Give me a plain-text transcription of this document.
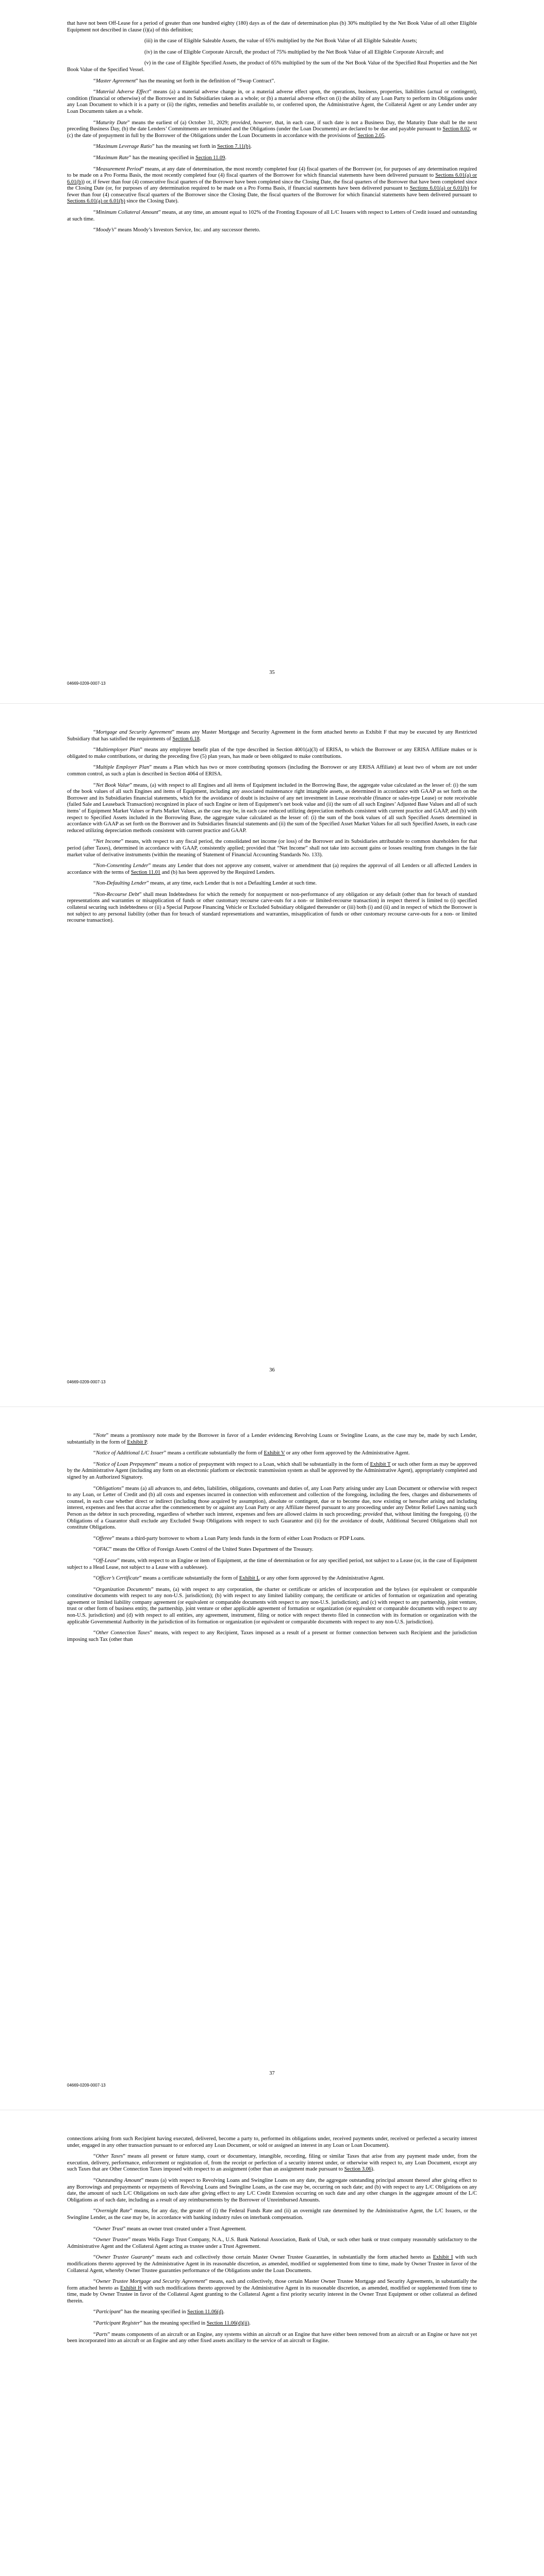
that have not been Off-Lease for a period of greater than one hundred eighty (180) days as of the date of determination plus (b) 30% multiplied by the Net Book Value of all other Eligible Equipment not described in clause (i)(a) of this definition;

(iii) in the case of Eligible Saleable Assets, the value of 65% multiplied by the Net Book Value of all Eligible Saleable Assets;

(iv) in the case of Eligible Corporate Aircraft, the product of 75% multiplied by the Net Book Value of all Eligible Corporate Aircraft; and

(v) in the case of Eligible Specified Assets, the product of 65% multiplied by the sum of the Net Book Value of the Specified Real Properties and the Net Book Value of the Specified Vessel.

“Master Agreement” has the meaning set forth in the definition of “Swap Contract”.

“Material Adverse Effect” means (a) a material adverse change in, or a material adverse effect upon, the operations, business, properties, liabilities (actual or contingent), condition (financial or otherwise) of the Borrower and its Subsidiaries taken as a whole; or (b) a material adverse effect on (i) the ability of any Loan Party to perform its Obligations under any Loan Document to which it is a party or (ii) the rights, remedies and benefits available to, or conferred upon, the Administrative Agent, the Collateral Agent or any Lender under any Loan Documents taken as a whole.

“Maturity Date” means the earliest of (a) October 31, 2029; provided, however, that, in each case, if such date is not a Business Day, the Maturity Date shall be the next preceding Business Day, (b) the date Lenders’ Commitments are terminated and the Obligations (under the Loan Documents) are declared to be due and payable pursuant to Section 8.02, or (c) the date of prepayment in full by the Borrower of the Obligations under the Loan Documents in accordance with the provisions of Section 2.05.

“Maximum Leverage Ratio” has the meaning set forth in Section 7.11(b).

“Maximum Rate” has the meaning specified in Section 11.09.

“Measurement Period” means, at any date of determination, the most recently completed four (4) fiscal quarters of the Borrower (or, for purposes of any determination required to be made on a Pro Forma Basis, the most recently completed four (4) fiscal quarters of the Borrower for which financial statements have been delivered pursuant to Sections 6.01(a) or 6.01(b)) or, if fewer than four (4) consecutive fiscal quarters of the Borrower have been completed since the Closing Date, the fiscal quarters of the Borrower that have been completed since the Closing Date (or, for purposes of any determination required to be made on a Pro Forma Basis, if financial statements have been delivered pursuant to Sections 6.01(a) or 6.01(b) for fewer than four (4) consecutive fiscal quarters of the Borrower since the Closing Date, the fiscal quarters of the Borrower for which financial statements have been delivered pursuant to Sections 6.01(a) or 6.01(b) since the Closing Date).

“Minimum Collateral Amount” means, at any time, an amount equal to 102% of the Fronting Exposure of all L/C Issuers with respect to Letters of Credit issued and outstanding at such time.

“Moody’s” means Moody’s Investors Service, Inc. and any successor thereto.

35
04669-0209-0007-13

“Mortgage and Security Agreement” means any Master Mortgage and Security Agreement in the form attached hereto as Exhibit F that may be executed by any Restricted Subsidiary that has satisfied the requirements of Section 6.18.

“Multiemployer Plan” means any employee benefit plan of the type described in Section 4001(a)(3) of ERISA, to which the Borrower or any ERISA Affiliate makes or is obligated to make contributions, or during the preceding five (5) plan years, has made or been obligated to make contributions.

“Multiple Employer Plan” means a Plan which has two or more contributing sponsors (including the Borrower or any ERISA Affiliate) at least two of whom are not under common control, as such a plan is described in Section 4064 of ERISA.

“Net Book Value” means, (a) with respect to all Engines and all items of Equipment included in the Borrowing Base, the aggregate value calculated as the lesser of: (i) the sum of the book values of all such Engines and items of Equipment, including any associated maintenance right intangible assets, as determined in accordance with GAAP as set forth on the Borrower and its Subsidiaries financial statements, which for the avoidance of doubt is inclusive of any net investment in Lease receivable (finance or sales-type Lease) or note receivable (failed Sale and Leaseback Transaction) recognized in place of such Engine or item of Equipment’s net book value and (ii) the sum of all such Engines’ Adjusted Base Values and all of such items’ of Equipment Market Values or Parts Market Values, as the case may be, in each case reduced utilizing depreciation methods consistent with current practice and GAAP, and (b) with respect to Specified Assets included in the Borrowing Base, the aggregate value calculated as the lesser of: (i) the sum of the book values of all such Specified Assets determined in accordance with GAAP as set forth on the Borrower and its Subsidiaries financial statements and (ii) the sum of the Specified Asset Market Values for all such Specified Assets, in each case reduced utilizing depreciation methods consistent with current practice and GAAP.

“Net Income” means, with respect to any fiscal period, the consolidated net income (or loss) of the Borrower and its Subsidiaries attributable to common shareholders for that period (after Taxes), determined in accordance with GAAP, consistently applied; provided that “Net Income” shall not take into account gains or losses resulting from changes in the fair market value of derivative instruments (within the meaning of Statement of Financial Accounting Standards No. 133).

“Non-Consenting Lender” means any Lender that does not approve any consent, waiver or amendment that (a) requires the approval of all Lenders or all affected Lenders in accordance with the terms of Section 11.01 and (b) has been approved by the Required Lenders.

“Non-Defaulting Lender” means, at any time, each Lender that is not a Defaulting Lender at such time.

“Non-Recourse Debt” shall mean Indebtedness for which the remedy for nonpayment or non-performance of any obligation or any default (other than for breach of standard representations and warranties or misapplication of funds or other customary recourse carve-outs for a non- or limited-recourse transaction) in respect thereof is limited to (i) specified collateral securing such indebtedness or (ii) a Special Purpose Financing Vehicle or Excluded Subsidiary obligated thereunder or (iii) both (i) and (ii) and in respect of which the Borrower is not subject to any personal liability (other than for breach of standard representations and warranties, misapplication of funds or other customary recourse carve-outs for a non- or limited recourse transaction).

36
04669-0209-0007-13

“Note” means a promissory note made by the Borrower in favor of a Lender evidencing Revolving Loans or Swingline Loans, as the case may be, made by such Lender, substantially in the form of Exhibit P.

“Notice of Additional L/C Issuer” means a certificate substantially the form of Exhibit V or any other form approved by the Administrative Agent.

“Notice of Loan Prepayment” means a notice of prepayment with respect to a Loan, which shall be substantially in the form of Exhibit T or such other form as may be approved by the Administrative Agent (including any form on an electronic platform or electronic transmission system as shall be approved by the Administrative Agent), appropriately completed and signed by an Authorized Signatory.

“Obligations” means (a) all advances to, and debts, liabilities, obligations, covenants and duties of, any Loan Party arising under any Loan Document or otherwise with respect to any Loan, or Letter of Credit and (b) all costs and expenses incurred in connection with enforcement and collection of the foregoing, including the fees, charges and disbursements of counsel, in each case whether direct or indirect (including those acquired by assumption), absolute or contingent, due or to become due, now existing or hereafter arising and including interest, expenses and fees that accrue after the commencement by or against any Loan Party or any Affiliate thereof pursuant to any proceeding under any Debtor Relief Laws naming such Person as the debtor in such proceeding, regardless of whether such interest, expenses and fees are allowed claims in such proceeding; provided that, without limiting the foregoing, (i) the Obligations of a Guarantor shall exclude any Excluded Swap Obligations with respect to such Guarantor and (ii) for the avoidance of doubt, Additional Secured Obligations shall not constitute Obligations.

“Offeree” means a third-party borrower to whom a Loan Party lends funds in the form of either Loan Products or PDP Loans.

“OFAC” means the Office of Foreign Assets Control of the United States Department of the Treasury.

“Off-Lease” means, with respect to an Engine or item of Equipment, at the time of determination or for any specified period, not subject to a Lease (or, in the case of Equipment subject to a Head Lease, not subject to a Lease with a sublessee).

“Officer’s Certificate” means a certificate substantially the form of Exhibit L or any other form approved by the Administrative Agent.

“Organization Documents” means, (a) with respect to any corporation, the charter or certificate or articles of incorporation and the bylaws (or equivalent or comparable constitutive documents with respect to any non-U.S. jurisdiction); (b) with respect to any limited liability company, the certificate or articles of formation or organization and operating agreement or limited liability company agreement (or equivalent or comparable documents with respect to any non-U.S. jurisdiction); and (c) with respect to any partnership, joint venture, trust or other form of business entity, the partnership, joint venture or other applicable agreement of formation or organization (or equivalent or comparable documents with respect to any non-U.S. jurisdiction) and (d) with respect to all entities, any agreement, instrument, filing or notice with respect thereto filed in connection with its formation or organization with the applicable Governmental Authority in the jurisdiction of its formation or organization (or equivalent or comparable documents with respect to any non-U.S. jurisdiction).

“Other Connection Taxes” means, with respect to any Recipient, Taxes imposed as a result of a present or former connection between such Recipient and the jurisdiction imposing such Tax (other than

37
04669-0209-0007-13

connections arising from such Recipient having executed, delivered, become a party to, performed its obligations under, received payments under, received or perfected a security interest under, engaged in any other transaction pursuant to or enforced any Loan Document, or sold or assigned an interest in any Loan or Loan Document).

“Other Taxes” means all present or future stamp, court or documentary, intangible, recording, filing or similar Taxes that arise from any payment made under, from the execution, delivery, performance, enforcement or registration of, from the receipt or perfection of a security interest under, or otherwise with respect to, any Loan Document, except any such Taxes that are Other Connection Taxes imposed with respect to an assignment (other than an assignment made pursuant to Section 3.06).

“Outstanding Amount” means (a) with respect to Revolving Loans and Swingline Loans on any date, the aggregate outstanding principal amount thereof after giving effect to any Borrowings and prepayments or repayments of Revolving Loans and Swingline Loans, as the case may be, occurring on such date; and (b) with respect to any L/C Obligations on any date, the amount of such L/C Obligations on such date after giving effect to any L/C Credit Extension occurring on such date and any other changes in the aggregate amount of the L/C Obligations as of such date, including as a result of any reimbursements by the Borrower of Unreimbursed Amounts.

“Overnight Rate” means, for any day, the greater of (i) the Federal Funds Rate and (ii) an overnight rate determined by the Administrative Agent, the L/C Issuers, or the Swingline Lender, as the case may be, in accordance with banking industry rules on interbank compensation.

“Owner Trust” means an owner trust created under a Trust Agreement.

“Owner Trustee” means Wells Fargo Trust Company, N.A., U.S. Bank National Association, Bank of Utah, or such other bank or trust company reasonably satisfactory to the Administrative Agent and the Collateral Agent acting as trustee under a Trust Agreement.

“Owner Trustee Guaranty” means each and collectively those certain Master Owner Trustee Guaranties, in substantially the form attached hereto as Exhibit I with such modifications thereto approved by the Administrative Agent in its reasonable discretion, as amended, modified or supplemented from time to time, made by Owner Trustee in favor of the Collateral Agent, whereby Owner Trustee guaranties performance of the Obligations under the Loan Documents.

“Owner Trustee Mortgage and Security Agreement” means, each and collectively, those certain Master Owner Trustee Mortgage and Security Agreements, in substantially the form attached hereto as Exhibit H with such modifications thereto approved by the Administrative Agent in its reasonable discretion, as amended, modified or supplemented from time to time, made by Owner Trustee in favor of the Collateral Agent granting to the Collateral Agent a first priority security interest in the Owner Trust Equipment or other collateral as defined therein.

“Participant” has the meaning specified in Section 11.06(d).

“Participant Register” has the meaning specified in Section 11.06(d)(ii).

“Parts” means components of an aircraft or an Engine, any systems within an aircraft or an Engine that have either been removed from an aircraft or an Engine or have not yet been incorporated into an aircraft or an Engine and any other fixed assets ancillary to the service of an aircraft or Engine.
